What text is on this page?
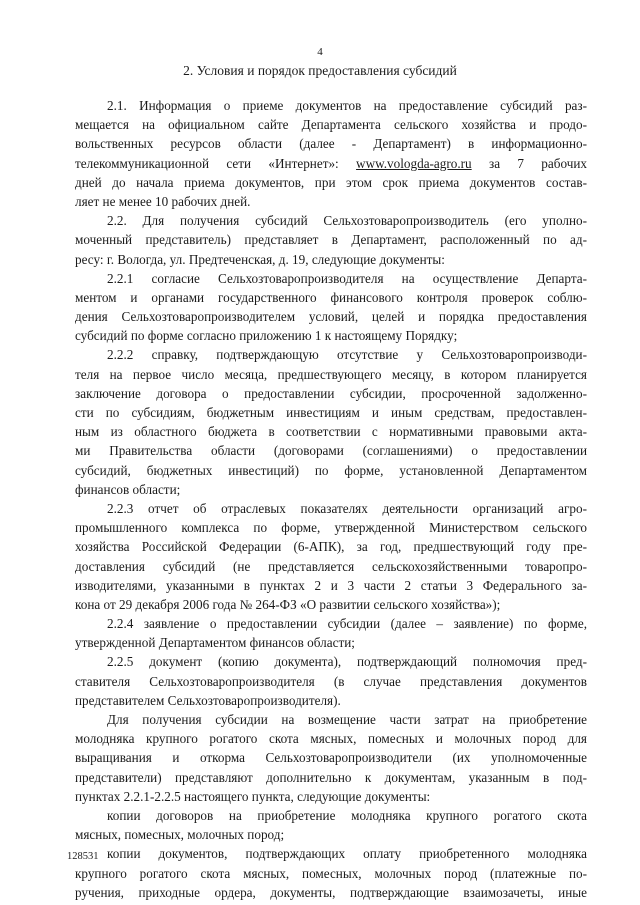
4
2. Условия и порядок предоставления субсидий
2.1. Информация о приеме документов на предоставление субсидий раз-
мещается на официальном сайте Департамента сельского хозяйства и продо-
вольственных ресурсов области (далее - Департамент) в информационно-
телекоммуникационной сети «Интернет»: www.vologda-agro.ru за 7 рабочих
дней до начала приема документов, при этом срок приема документов состав-
ляет не менее 10 рабочих дней.
2.2. Для получения субсидий Сельхозтоваропроизводитель (его уполно-
моченный представитель) представляет в Департамент, расположенный по ад-
ресу: г. Вологда, ул. Предтеченская, д. 19, следующие документы:
2.2.1 согласие Сельхозтоваропроизводителя на осуществление Департа-
ментом и органами государственного финансового контроля проверок соблю-
дения Сельхозтоваропроизводителем условий, целей и порядка предоставления
субсидий по форме согласно приложению 1 к настоящему Порядку;
2.2.2 справку, подтверждающую отсутствие у Сельхозтоваропроизводи-
теля на первое число месяца, предшествующего месяцу, в котором планируется
заключение договора о предоставлении субсидии, просроченной задолженно-
сти по субсидиям, бюджетным инвестициям и иным средствам, предоставлен-
ным из областного бюджета в соответствии с нормативными правовыми акта-
ми Правительства области (договорами (соглашениями) о предоставлении
субсидий, бюджетных инвестиций) по форме, установленной Департаментом
финансов области;
2.2.3 отчет об отраслевых показателях деятельности организаций агро-
промышленного комплекса по форме, утвержденной Министерством сельского
хозяйства Российской Федерации (6-АПК), за год, предшествующий году пре-
доставления субсидий (не представляется сельскохозяйственными товаропро-
изводителями, указанными в пунктах 2 и 3 части 2 статьи 3 Федерального за-
кона от 29 декабря 2006 года № 264-ФЗ «О развитии сельского хозяйства»);
2.2.4 заявление о предоставлении субсидии (далее – заявление) по форме,
утвержденной Департаментом финансов области;
2.2.5 документ (копию документа), подтверждающий полномочия пред-
ставителя Сельхозтоваропроизводителя (в случае представления документов
представителем Сельхозтоваропроизводителя).
Для получения субсидии на возмещение части затрат на приобретение
молодняка крупного рогатого скота мясных, помесных и молочных пород для
выращивания и откорма Сельхозтоваропроизводители (их уполномоченные
представители) представляют дополнительно к документам, указанным в под-
пунктах 2.2.1-2.2.5 настоящего пункта, следующие документы:
копии договоров на приобретение молодняка крупного рогатого скота
мясных, помесных, молочных пород;
копии документов, подтверждающих оплату приобретенного молодняка
крупного рогатого скота мясных, помесных, молочных пород (платежные по-
ручения, приходные ордера, документы, подтверждающие взаимозачеты, иные
128531
